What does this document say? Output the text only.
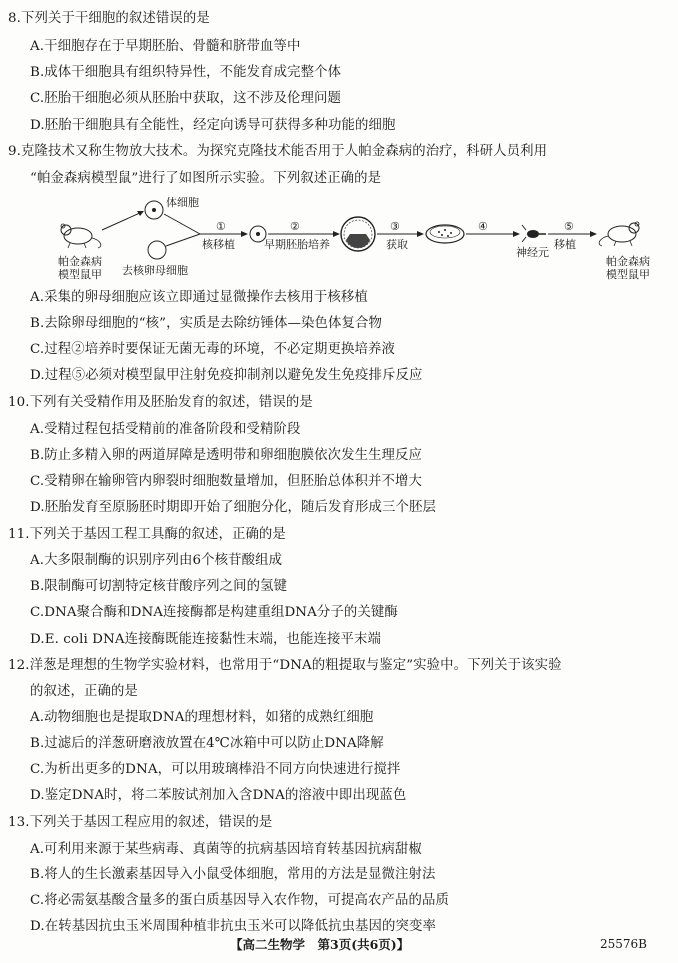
8.下列关于干细胞的叙述错误的是
A.干细胞存在于早期胚胎、骨髓和脐带血等中
B.成体干细胞具有组织特异性，不能发育成完整个体
C.胚胎干细胞必须从胚胎中获取，这不涉及伦理问题
D.胚胎干细胞具有全能性，经定向诱导可获得多种功能的细胞
9.克隆技术又称生物放大技术。为探究克隆技术能否用于人帕金森病的治疗，科研人员利用
“帕金森病模型鼠”进行了如图所示实验。下列叙述正确的是
A.采集的卵母细胞应该立即通过显微操作去核用于核移植
B.去除卵母细胞的“核”，实质是去除纺锤体—染色体复合物
C.过程②培养时要保证无菌无毒的环境，不必定期更换培养液
D.过程⑤必须对模型鼠甲注射免疫抑制剂以避免发生免疫排斥反应
10.下列有关受精作用及胚胎发育的叙述，错误的是
A.受精过程包括受精前的准备阶段和受精阶段
B.防止多精入卵的两道屏障是透明带和卵细胞膜依次发生生理反应
C.受精卵在输卵管内卵裂时细胞数量增加，但胚胎总体积并不增大
D.胚胎发育至原肠胚时期即开始了细胞分化，随后发育形成三个胚层
11.下列关于基因工程工具酶的叙述，正确的是
A.大多限制酶的识别序列由6个核苷酸组成
B.限制酶可切割特定核苷酸序列之间的氢键
C.DNA聚合酶和DNA连接酶都是构建重组DNA分子的关键酶
D.E. coli DNA连接酶既能连接黏性末端，也能连接平末端
12.洋葱是理想的生物学实验材料，也常用于“DNA的粗提取与鉴定”实验中。下列关于该实验
的叙述，正确的是
A.动物细胞也是提取DNA的理想材料，如猪的成熟红细胞
B.过滤后的洋葱研磨液放置在4℃冰箱中可以防止DNA降解
C.为析出更多的DNA，可以用玻璃棒沿不同方向快速进行搅拌
D.鉴定DNA时，将二苯胺试剂加入含DNA的溶液中即出现蓝色
13.下列关于基因工程应用的叙述，错误的是
A.可利用来源于某些病毒、真菌等的抗病基因培育转基因抗病甜椒
B.将人的生长激素基因导入小鼠受体细胞，常用的方法是显微注射法
C.将必需氨基酸含量多的蛋白质基因导入农作物，可提高农产品的品质
D.在转基因抗虫玉米周围种植非抗虫玉米可以降低抗虫基因的突变率
帕金森病
模型鼠甲
体细胞
去核卵母细胞
①
核移植
②
早期胚胎培养
③
获取
④
神经元
⑤
移植
帕金森病
模型鼠甲
【高二生物学　第3页(共6页)】	25576B
